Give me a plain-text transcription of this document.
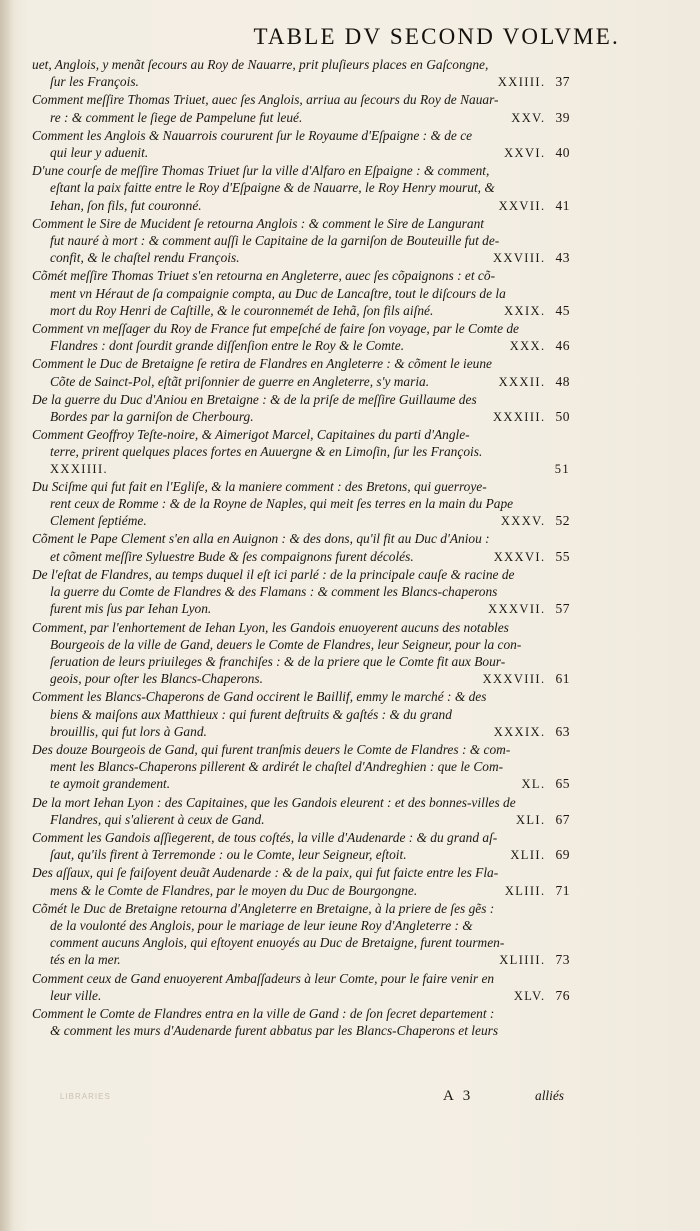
TABLE DV SECOND VOLVME.
uet, Anglois, y menãt ſecours au Roy de Nauarre, prit pluſieurs places en Gaſcongne,
ſur les François.	XXIIII. 37
Comment meſſire Thomas Triuet, auec ſes Anglois, arriua au ſecours du Roy de Nauar-
re : & comment le ſiege de Pampelune fut leué.	XXV. 39
Comment les Anglois & Nauarrois coururent ſur le Royaume d'Eſpaigne : & de ce
qui leur y aduenit.	XXVI. 40
D'une courſe de meſſire Thomas Triuet ſur la ville d'Alfaro en Eſpaigne : & comment,
eſtant la paix faitte entre le Roy d'Eſpaigne & de Nauarre, le Roy Henry mourut, &
Iehan, ſon fils, fut couronné.	XXVII. 41
Comment le Sire de Mucident ſe retourna Anglois : & comment le Sire de Langurant
fut nauré à mort : & comment auſſi le Capitaine de la garniſon de Bouteuille fut de-
confit, & le chaſtel rendu François.	XXVIII. 43
Cõmét meſſire Thomas Triuet s'en retourna en Angleterre, auec ſes cõpaignons : et cõ-
ment vn Héraut de ſa compaignie compta, au Duc de Lancaſtre, tout le diſcours de la
mort du Roy Henri de Caſtille, & le couronnemét de Iehã, ſon fils aiſné.	XXIX. 45
Comment vn meſſager du Roy de France fut empeſché de faire ſon voyage, par le Comte de
Flandres : dont ſourdit grande diſſenſion entre le Roy & le Comte.	XXX. 46
Comment le Duc de Bretaigne ſe retira de Flandres en Angleterre : & cõment le ieune
Cõte de Sainct-Pol, eſtãt priſonnier de guerre en Angleterre, s'y maria.	XXXII. 48
De la guerre du Duc d'Aniou en Bretaigne : & de la priſe de meſſire Guillaume des
Bordes par la garniſon de Cherbourg.	XXXIII. 50
Comment Geoffroy Teſte-noire, & Aimerigot Marcel, Capitaines du parti d'Angle-
terre, prirent quelques places fortes en Auuergne & en Limoſin, ſur les François.
XXXIIII.	51
Du Sciſme qui fut fait en l'Egliſe, & la maniere comment : des Bretons, qui guerroye-
rent ceux de Romme : & de la Royne de Naples, qui meit ſes terres en la main du Pape
Clement ſeptiéme.	XXXV. 52
Cõment le Pape Clement s'en alla en Auignon : & des dons, qu'il fit au Duc d'Aniou :
et cõment meſſire Syluestre Bude & ſes compaignons furent décolés.	XXXVI. 55
De l'eſtat de Flandres, au temps duquel il eſt ici parlé : de la principale cauſe & racine de
la guerre du Comte de Flandres & des Flamans : & comment les Blancs-chaperons
furent mis ſus par Iehan Lyon.	XXXVII. 57
Comment, par l'enhortement de Iehan Lyon, les Gandois enuoyerent aucuns des notables
Bourgeois de la ville de Gand, deuers le Comte de Flandres, leur Seigneur, pour la con-
ſeruation de leurs priuileges & franchiſes : & de la priere que le Comte fit aux Bour-
geois, pour oſter les Blancs-Chaperons.	XXXVIII. 61
Comment les Blancs-Chaperons de Gand occirent le Baillif, emmy le marché : & des
biens & maiſons aux Matthieux : qui furent deſtruits & gaſtés : & du grand
brouillis, qui fut lors à Gand.	XXXIX. 63
Des douze Bourgeois de Gand, qui furent tranſmis deuers le Comte de Flandres : & com-
ment les Blancs-Chaperons pillerent & ardirét le chaſtel d'Andreghien : que le Com-
te aymoit grandement.	XL. 65
De la mort Iehan Lyon : des Capitaines, que les Gandois eleurent : et des bonnes-villes de
Flandres, qui s'alierent à ceux de Gand.	XLI. 67
Comment les Gandois aſſiegerent, de tous coſtés, la ville d'Audenarde : & du grand aſ-
ſaut, qu'ils firent à Terremonde : ou le Comte, leur Seigneur, eſtoit.	XLII. 69
Des aſſaux, qui ſe faiſoyent deuãt Audenarde : & de la paix, qui fut faicte entre les Fla-
mens & le Comte de Flandres, par le moyen du Duc de Bourgongne.	XLIII. 71
Cõmét le Duc de Bretaigne retourna d'Angleterre en Bretaigne, à la priere de ſes gẽs :
de la voulonté des Anglois, pour le mariage de leur ieune Roy d'Angleterre : &
comment aucuns Anglois, qui eſtoyent enuoyés au Duc de Bretaigne, furent tourmen-
tés en la mer.	XLIIII. 73
Comment ceux de Gand enuoyerent Ambaſſadeurs à leur Comte, pour le faire venir en
leur ville.	XLV. 76
Comment le Comte de Flandres entra en la ville de Gand : de ſon ſecret departement :
& comment les murs d'Audenarde furent abbatus par les Blancs-Chaperons et leurs
LIBRARIES	A 3	alliés
